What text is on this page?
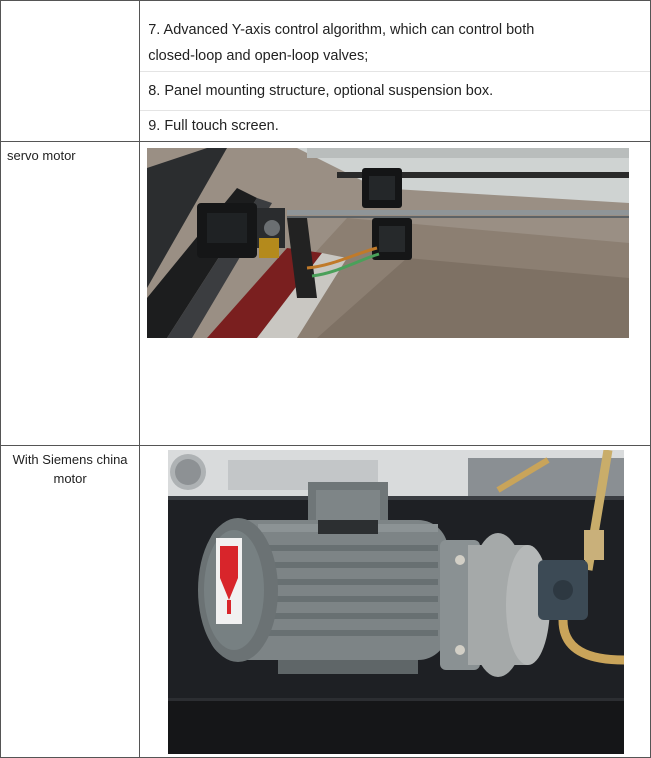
	7. Advanced Y-axis control algorithm, which can control both
closed-loop and open-loop valves;
8. Panel mounting structure, optional suspension box.
9. Full touch screen.

servo motor

With Siemens china
motor
